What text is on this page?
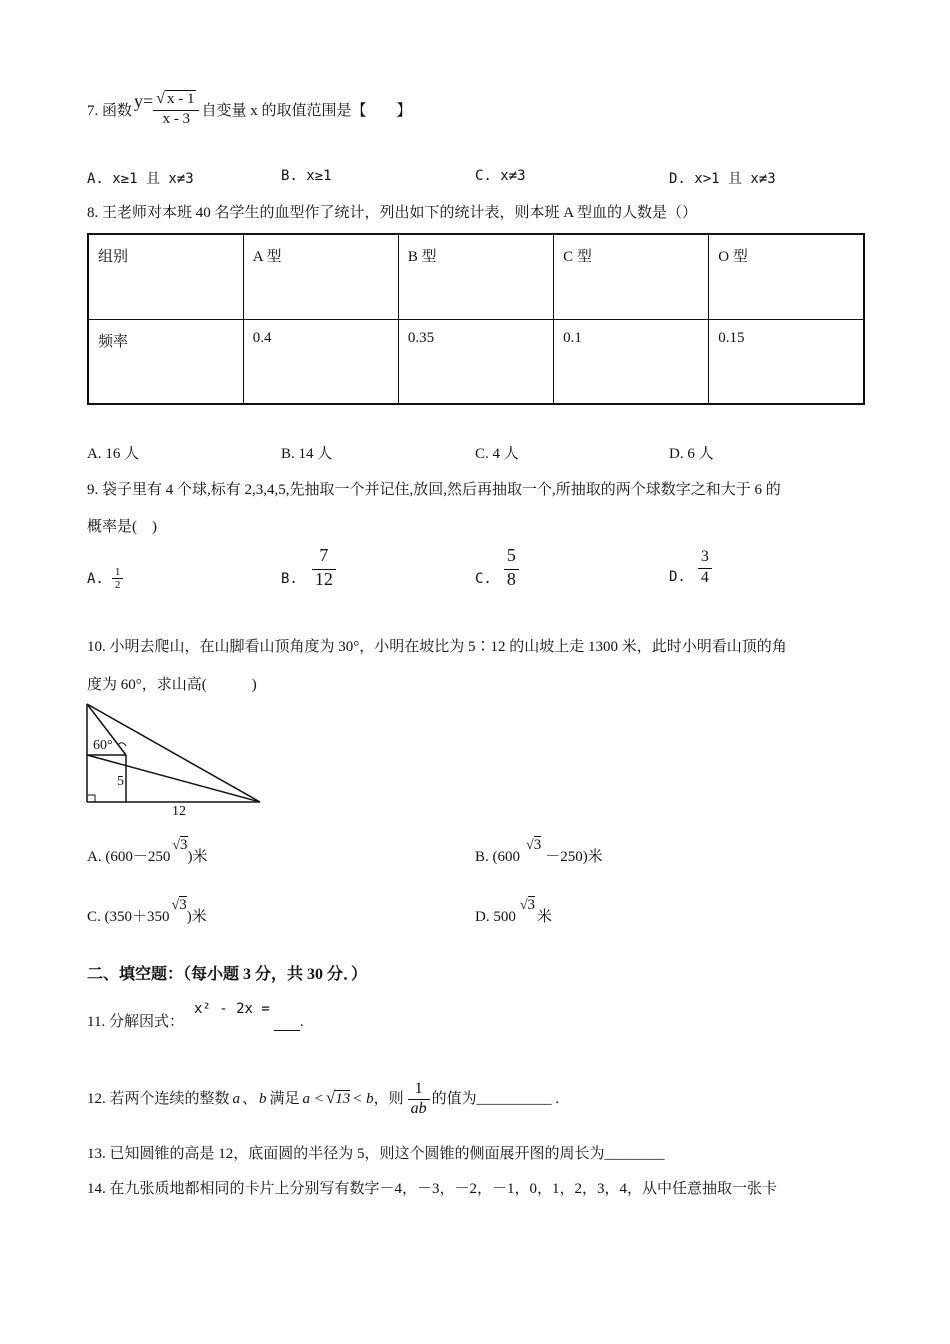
7. 函数 $y= \frac{√ x - 1}{x - 3}$ 自变量 x 的取值范围是【　　】
A. x≥1 且 x≠3	B. x≥1	C. x≠3	D. x>1 且 x≠3
8. 王老师对本班 40 名学生的血型作了统计，列出如下的统计表，则本班 A 型血的人数是（）
组别	A 型	B 型	C 型	O 型
频率	0.4	0.35	0.1	0.15
A. 16 人	B. 14 人	C. 4 人	D. 6 人
9. 袋子里有 4 个球,标有 2,3,4,5,先抽取一个并记住,放回,然后再抽取一个,所抽取的两个球数字之和大于 6 的
概率是(　)
A. $\frac{1}{2}$	B. $\frac{7}{12}$	C. $\frac{5}{8}$	D. $\frac{3}{4}$
10. 小明去爬山，在山脚看山顶角度为 30°，小明在坡比为 5∶12 的山坡上走 1300 米，此时小明看山顶的角
度为 60°，求山高(　　　)
60°
5
12
A. (600－250
√3
)米	B. (600
√3
－250)米
C. (350＋350
√3
)米	D. 500
√3
米
二、填空题：（每小题 3 分，共 30 分．）
11. 分解因式：
x² - 2x =

.
12. 若两个连续的整数 a 、 b 满足 a < √13 < b ，则 $\frac{1}{ab}$ 的值为__________ .
13. 已知圆锥的高是 12，底面圆的半径为 5，则这个圆锥的侧面展开图的周长为________
14. 在九张质地都相同的卡片上分别写有数字－4，－3，－2，－1，0，1，2，3，4，从中任意抽取一张卡
